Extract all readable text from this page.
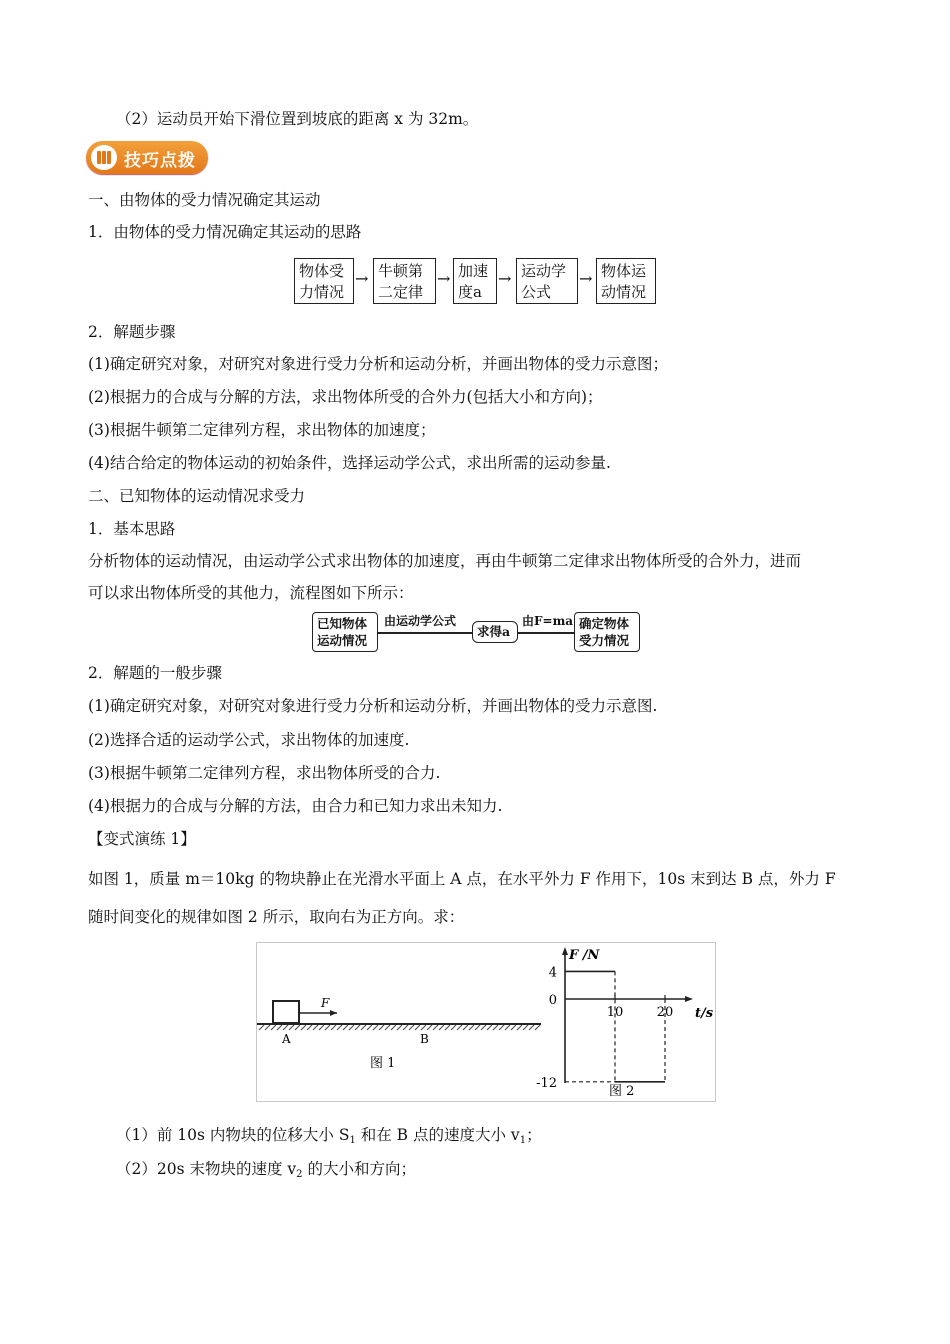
（2）运动员开始下滑位置到坡底的距离 x 为 32m。
技巧点拨
一、由物体的受力情况确定其运动
1．由物体的受力情况确定其运动的思路
物体受力情况
→ 牛顿第二定律
→ 加速度a
→ 运动学公式
→ 物体运动情况
2．解题步骤
(1)确定研究对象，对研究对象进行受力分析和运动分析，并画出物体的受力示意图；
(2)根据力的合成与分解的方法，求出物体所受的合外力(包括大小和方向)；
(3)根据牛顿第二定律列方程，求出物体的加速度；
(4)结合给定的物体运动的初始条件，选择运动学公式，求出所需的运动参量.
二、已知物体的运动情况求受力
1．基本思路
分析物体的运动情况，由运动学公式求出物体的加速度，再由牛顿第二定律求出物体所受的合外力，进而
可以求出物体所受的其他力，流程图如下所示：
已知物体运动情况
由运动学公式
求得a
由F=ma 确定物体受力情况
2．解题的一般步骤
(1)确定研究对象，对研究对象进行受力分析和运动分析，并画出物体的受力示意图.
(2)选择合适的运动学公式，求出物体的加速度.
(3)根据牛顿第二定律列方程，求出物体所受的合力.
(4)根据力的合成与分解的方法，由合力和已知力求出未知力.
【变式演练 1】
如图 1，质量 m＝10kg 的物块静止在光滑水平面上 A 点，在水平外力 F 作用下，10s 末到达 B 点，外力 F
随时间变化的规律如图 2 所示，取向右为正方向。求：
F
A	B
图 1
F /N
t/s
4
0
-12
10	20
图 2
（1）前 10s 内物块的位移大小 $S_1$ 和在 B 点的速度大小 $v_1$；
（2）20s 末物块的速度 $v_2$ 的大小和方向；
